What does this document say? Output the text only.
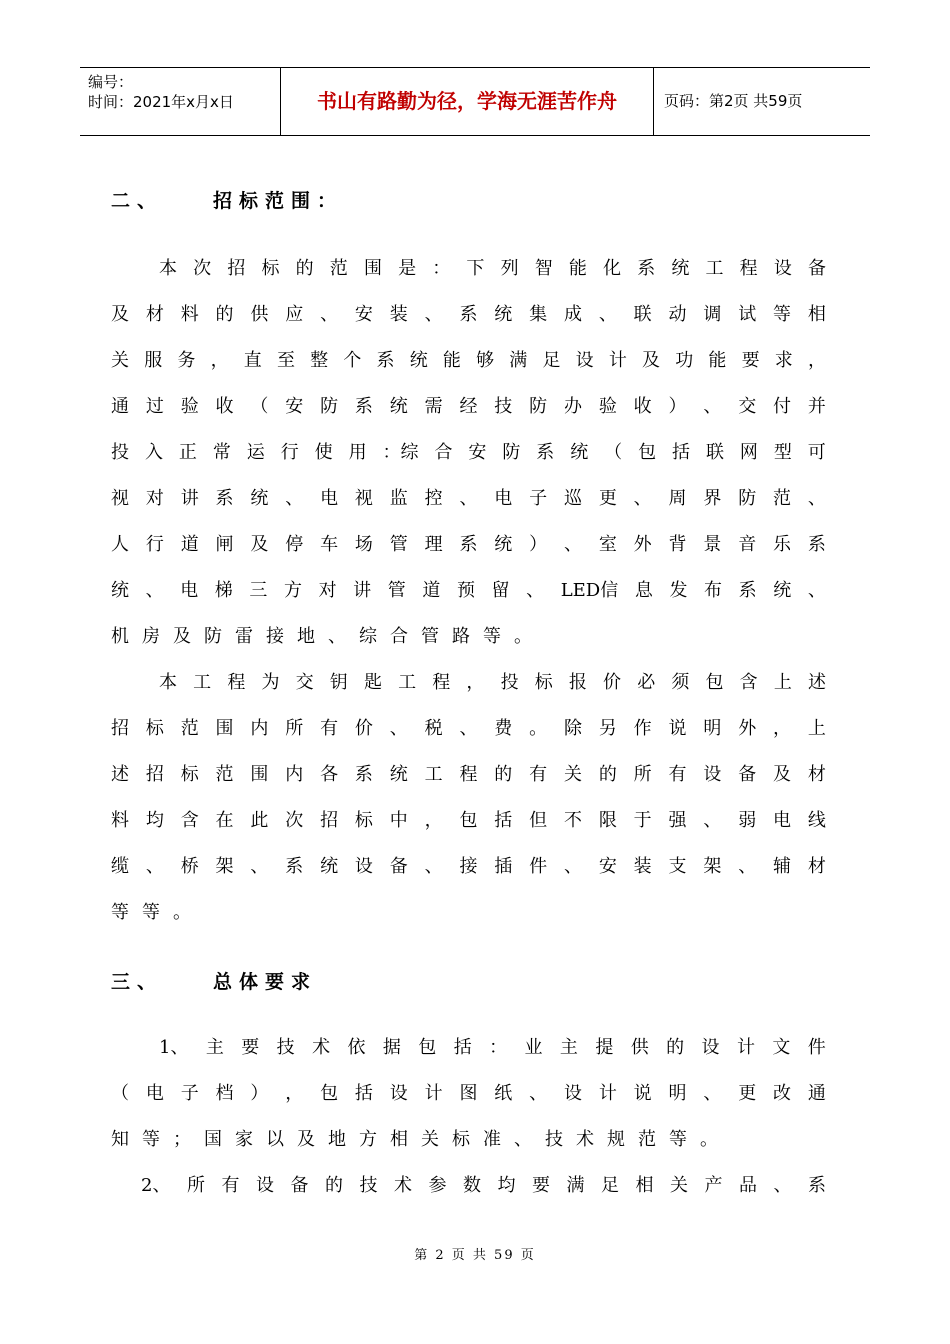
编号：
时间：2021年x月x日	书山有路勤为径，学海无涯苦作舟	页码：第2页 共59页
二、	招标范围：
本 次 招 标 的 范 围 是 ： 下 列 智 能 化 系 统 工 程 设 备
及 材 料 的 供 应 、 安 装 、 系 统 集 成 、 联 动 调 试 等 相
关 服 务 ， 直 至 整 个 系 统 能 够 满 足 设 计 及 功 能 要 求 ，
通 过 验 收 （ 安 防 系 统 需 经 技 防 办 验 收 ） 、 交 付 并
投 入 正 常 运 行 使 用 ：综 合 安 防 系 统 （ 包 括 联 网 型 可
视 对 讲 系 统 、 电 视 监 控 、 电 子 巡 更 、 周 界 防 范 、
人 行 道 闸 及 停 车 场 管 理 系 统 ） 、 室 外 背 景 音 乐 系
统 、 电 梯 三 方 对 讲 管 道 预 留 、 LED信 息 发 布 系 统 、
机 房 及 防 雷 接 地 、 综 合 管 路 等 。
本 工 程 为 交 钥 匙 工 程 ， 投 标 报 价 必 须 包 含 上 述
招 标 范 围 内 所 有 价 、 税 、 费 。 除 另 作 说 明 外 ， 上
述 招 标 范 围 内 各 系 统 工 程 的 有 关 的 所 有 设 备 及 材
料 均 含 在 此 次 招 标 中 ， 包 括 但 不 限 于 强 、 弱 电 线
缆 、 桥 架 、 系 统 设 备 、 接 插 件 、 安 装 支 架 、 辅 材
等 等 。
三、	总体要求
1、 主 要 技 术 依 据 包 括 ： 业 主 提 供 的 设 计 文 件
（ 电 子 档 ） ， 包 括 设 计 图 纸 、 设 计 说 明 、 更 改 通
知 等 ； 国 家 以 及 地 方 相 关 标 准 、 技 术 规 范 等 。
2、 所 有 设 备 的 技 术 参 数 均 要 满 足 相 关 产 品 、 系
第 2 页 共 59 页
